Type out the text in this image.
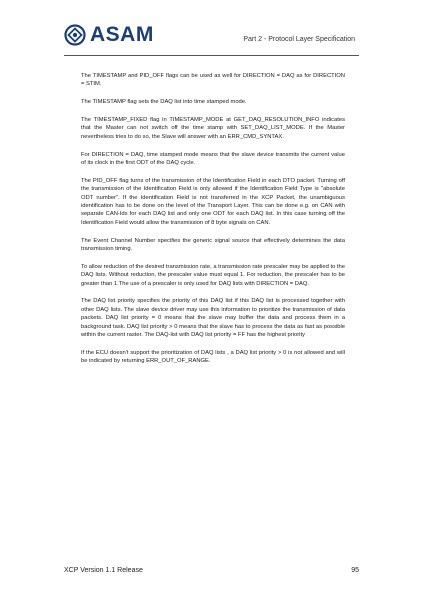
ASAM	Part 2 - Protocol Layer Specification

The TIMESTAMP and PID_OFF flags can be used as well for DIRECTION = DAQ as for DIRECTION = STIM.

The TIMESTAMP flag sets the DAQ list into time stamped mode.

The TIMESTAMP_FIXED flag in TIMESTAMP_MODE at GET_DAQ_RESOLUTION_INFO indicates that the Master can not switch off the time stamp with SET_DAQ_LIST_MODE. If the Master nevertheless tries to do so, the Slave will answer with an ERR_CMD_SYNTAX.

For DIRECTION = DAQ, time stamped mode means that the slave device transmits the current value of its clock in the first ODT of the DAQ cycle.

The PID_OFF flag turns of the transmission of the Identification Field in each DTO packet. Turning off the transmission of the Identification Field is only allowed if the Identification Field Type is "absolute ODT number". If the Identification Field is not transferred in the XCP Packet, the unambiguous identification has to be done on the level of the Transport Layer. This can be done e.g. on CAN with separate CAN-Ids for each DAQ list and only one ODT for each DAQ list. In this case turning off the Identification Field would allow the transmission of 8 byte signals on CAN.

The Event Channel Number specifies the generic signal source that effectively determines the data transmission timing.

To allow reduction of the desired transmission rate, a transmission rate prescaler may be applied to the DAQ lists. Without reduction, the prescaler value must equal 1. For reduction, the prescaler has to be greater than 1.The use of a prescaler is only used for DAQ lists with DIRECTION = DAQ.

The DAQ list priority specifies the priority of this DAQ list if this DAQ list is processed together with other DAQ lists. The slave device driver may use this information to prioritize the transmission of data packets. DAQ list priority = 0 means that the slave may buffer the data and process them in a background task. DAQ list priority > 0 means that the slave has to process the data as fast as possible within the current raster. The DAQ-list with DAQ list priority = FF has the highest priority

If the ECU doesn't support the prioritization of DAQ lists , a DAQ list priority > 0 is not allowed and will be indicated by returning ERR_OUT_OF_RANGE.

XCP Version 1.1 Release	95
